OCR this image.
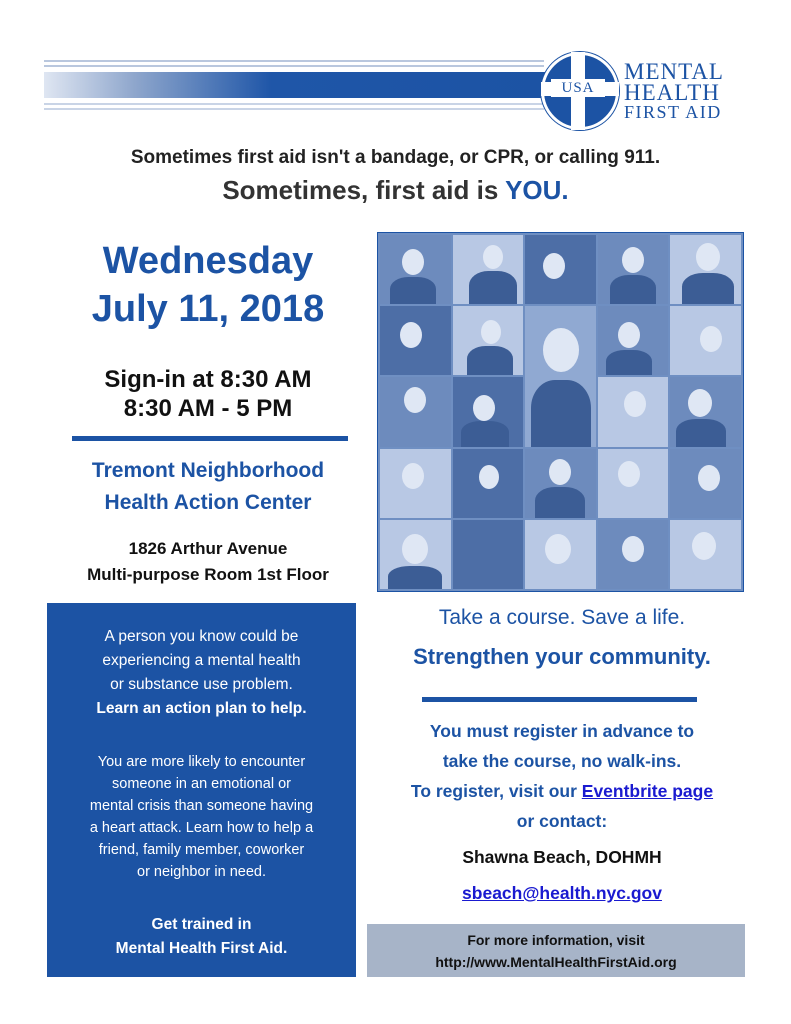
USA
MENTAL
HEALTH
FIRST AID
Sometimes first aid isn't a bandage, or CPR, or calling 911.
Sometimes, first aid is YOU.
Wednesday
July 11, 2018
Sign-in at 8:30 AM
8:30 AM - 5 PM
Tremont Neighborhood
Health Action Center
1826 Arthur Avenue
Multi-purpose Room 1st Floor

A person you know could be

experiencing a mental health

or substance use problem.

Learn an action plan to help.

You are more likely to encounter

someone in an emotional or

mental crisis than someone having

a heart attack. Learn how to help a

friend, family member, coworker

or neighbor in need.

Get trained in

Mental Health First Aid.

Take a course. Save a life.
Strengthen your community.
You must register in advance to
take the course, no walk-ins.
To register, visit our Eventbrite page
or contact:
Shawna Beach, DOHMH
sbeach@health.nyc.gov
For more information, visit
http://www.MentalHealthFirstAid.org
